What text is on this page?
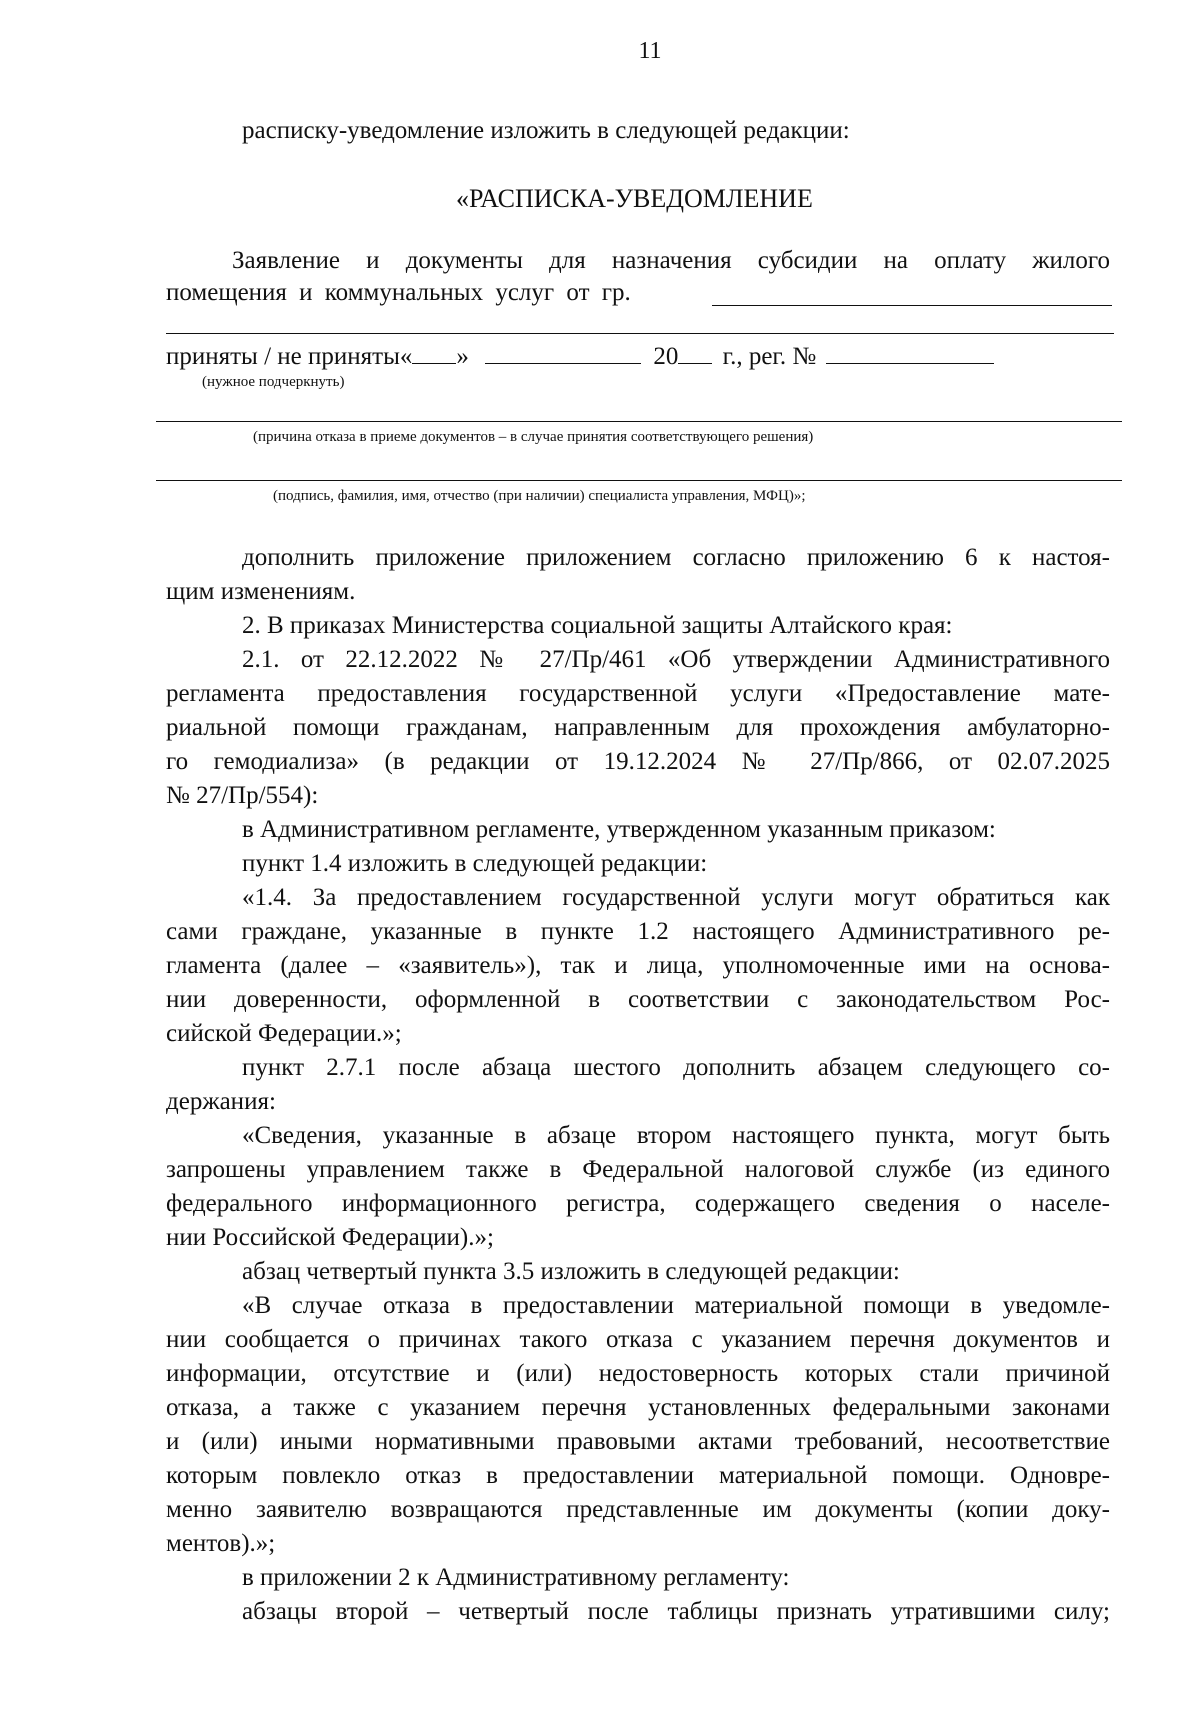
11
расписку-уведомление изложить в следующей редакции:
«РАСПИСКА-УВЕДОМЛЕНИЕ
Заявление и документы для назначения субсидии на оплату жилого
помещения и коммунальных услуг от гр.
приняты / не приняты« »	20 г., рег. №
(нужное подчеркнуть)
(причина отказа в приеме документов – в случае принятия соответствующего решения)
(подпись, фамилия, имя, отчество (при наличии) специалиста управления, МФЦ)»;
дополнить приложение приложением согласно приложению 6 к настоя-
щим изменениям.
2. В приказах Министерства социальной защиты Алтайского края:
2.1. от 22.12.2022 № 27/Пр/461 «Об утверждении Административного
регламента предоставления государственной услуги «Предоставление мате-
риальной помощи гражданам, направленным для прохождения амбулаторно-
го гемодиализа» (в редакции от 19.12.2024 № 27/Пр/866, от 02.07.2025
№ 27/Пр/554):
в Административном регламенте, утвержденном указанным приказом:
пункт 1.4 изложить в следующей редакции:
«1.4. За предоставлением государственной услуги могут обратиться как
сами граждане, указанные в пункте 1.2 настоящего Административного ре-
гламента (далее – «заявитель»), так и лица, уполномоченные ими на основа-
нии доверенности, оформленной в соответствии с законодательством Рос-
сийской Федерации.»;
пункт 2.7.1 после абзаца шестого дополнить абзацем следующего со-
держания:
«Сведения, указанные в абзаце втором настоящего пункта, могут быть
запрошены управлением также в Федеральной налоговой службе (из единого
федерального информационного регистра, содержащего сведения о населе-
нии Российской Федерации).»;
абзац четвертый пункта 3.5 изложить в следующей редакции:
«В случае отказа в предоставлении материальной помощи в уведомле-
нии сообщается о причинах такого отказа с указанием перечня документов и
информации, отсутствие и (или) недостоверность которых стали причиной
отказа, а также с указанием перечня установленных федеральными законами
и (или) иными нормативными правовыми актами требований, несоответствие
которым повлекло отказ в предоставлении материальной помощи. Одновре-
менно заявителю возвращаются представленные им документы (копии доку-
ментов).»;
в приложении 2 к Административному регламенту:
абзацы второй – четвертый после таблицы признать утратившими силу;
